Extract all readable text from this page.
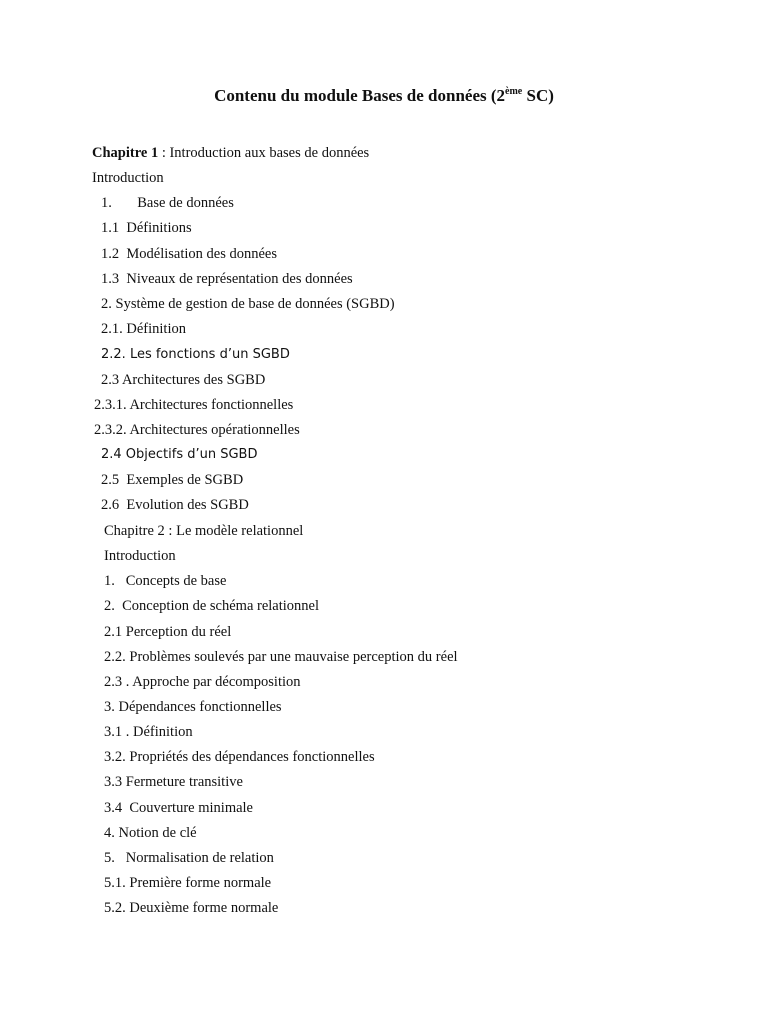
Contenu du module Bases de données (2ème SC)
Chapitre 1 : Introduction aux bases de données
Introduction
1.       Base de données
1.1  Définitions
1.2  Modélisation des données
1.3  Niveaux de représentation des données
2. Système de gestion de base de données (SGBD)
2.1. Définition
2.2. Les fonctions d’un SGBD
2.3 Architectures des SGBD
2.3.1. Architectures fonctionnelles
2.3.2. Architectures opérationnelles
2.4 Objectifs d’un SGBD
2.5  Exemples de SGBD
2.6  Evolution des SGBD
Chapitre 2 : Le modèle relationnel
Introduction
1.   Concepts de base
2.  Conception de schéma relationnel
2.1 Perception du réel
2.2. Problèmes soulevés par une mauvaise perception du réel
2.3 . Approche par décomposition
3. Dépendances fonctionnelles
3.1 . Définition
3.2. Propriétés des dépendances fonctionnelles
3.3 Fermeture transitive
3.4  Couverture minimale
4. Notion de clé
5.   Normalisation de relation
5.1. Première forme normale
5.2. Deuxième forme normale
